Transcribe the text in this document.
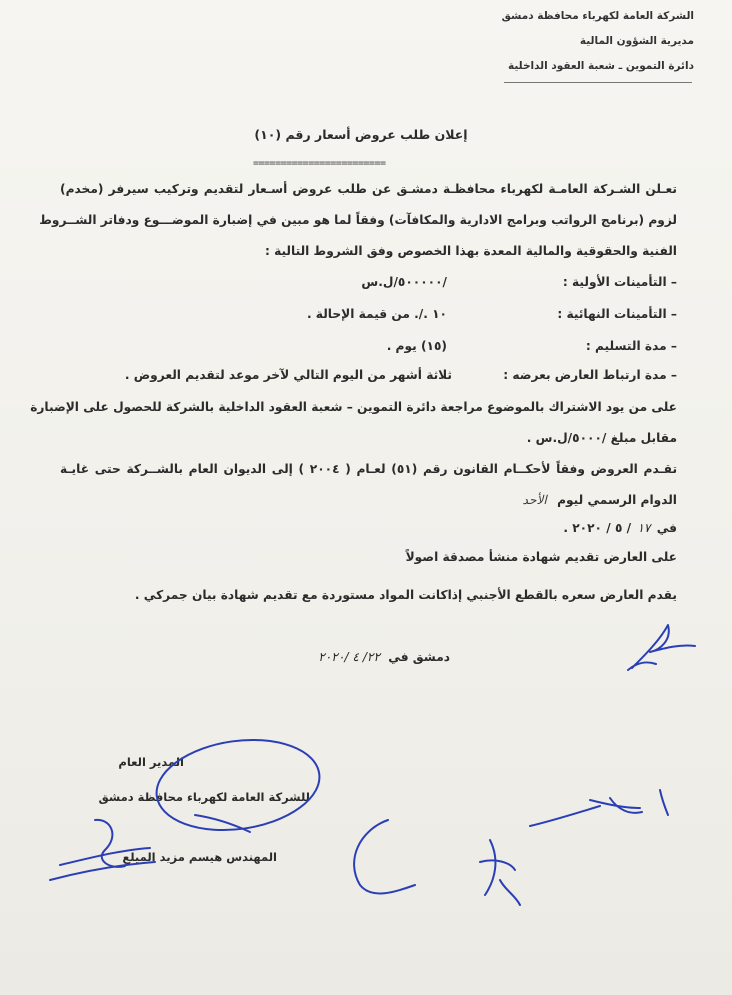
الشركة العامة لكهرباء محافظة دمشق
مديرية الشؤون المالية
دائرة التموين ـ شعبة العقود الداخلية
إعلان طلب عروض أسعار رقم (١٠)
========================
تعـلن الشـركة العامـة لكهرباء محافظـة دمشـق عن طلب عروض أسـعار لتقديم وتركيب سيرفر (مخدم)
لزوم (برنامج الرواتب وبرامج الادارية والمكافآت) وفقاً لما هو مبين في إضبارة الموضـــوع ودفاتر الشــروط
الفنية والحقوقية والمالية المعدة بهذا الخصوص وفق الشروط التالية :
– التأمينات الأولية :
/٥٠٠٠٠٠/ل.س
– التأمينات النهائية :
١٠ ./. من قيمة الإحالة .
– مدة التسليم :
(١٥) يوم .
– مدة ارتباط العارض بعرضه :
ثلاثة أشهر من اليوم التالي لآخر موعد لتقديم العروض .
على من يود الاشتراك بالموضوع مراجعة دائرة التموين – شعبة العقود الداخلية بالشركة للحصول على الإضبارة
مقابل مبلغ /٥٠٠٠/ل.س .
تقـدم العروض وفقاً لأحكــام القانون رقم (٥١) لعـام ( ٢٠٠٤ ) إلى الديوان العام بالشــركة حتى غايـة
الدوام الرسمي ليوم الأحد
في ١٧ / ٥ / ٢٠٢٠ .
على العارض تقديم شهادة منشأ مصدقة اصولاً
يقدم العارض سعره بالقطع الأجنبي إذاكانت المواد مستوردة مع تقديم شهادة بيان جمركي .
دمشق في ٢٢/ ٤ /٢٠٢٠
المدير العام
للشركة العامة لكهرباء محافظة دمشق
المهندس هيسم مزيد الميلع
